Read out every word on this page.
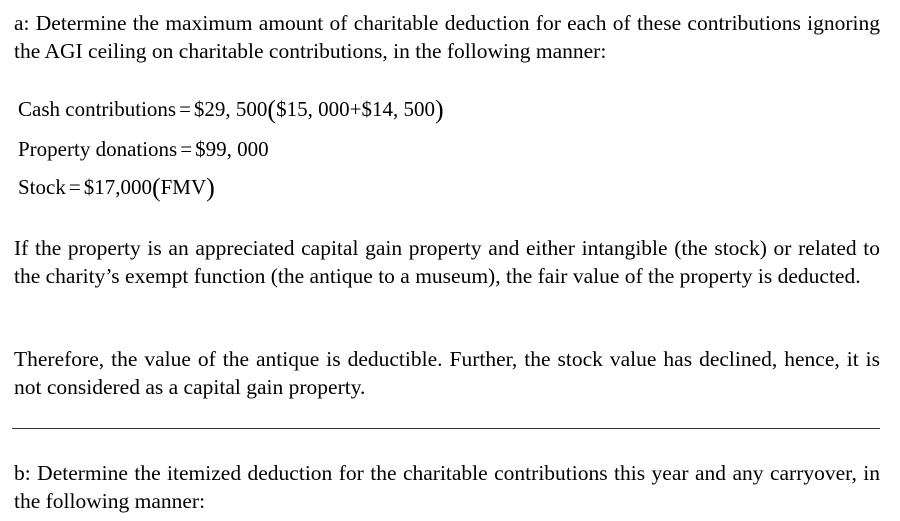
a: Determine the maximum amount of charitable deduction for each of these contributions ignoring the AGI ceiling on charitable contributions, in the following manner:

Cash contributions = $29, 500($15, 000+$14, 500)
Property donations = $99, 000
Stock = $17,000(FMV)

If the property is an appreciated capital gain property and either intangible (the stock) or related to the charity’s exempt function (the antique to a museum), the fair value of the property is deducted.

Therefore, the value of the antique is deductible. Further, the stock value has declined, hence, it is not considered as a capital gain property.

b: Determine the itemized deduction for the charitable contributions this year and any carryover, in the following manner:
